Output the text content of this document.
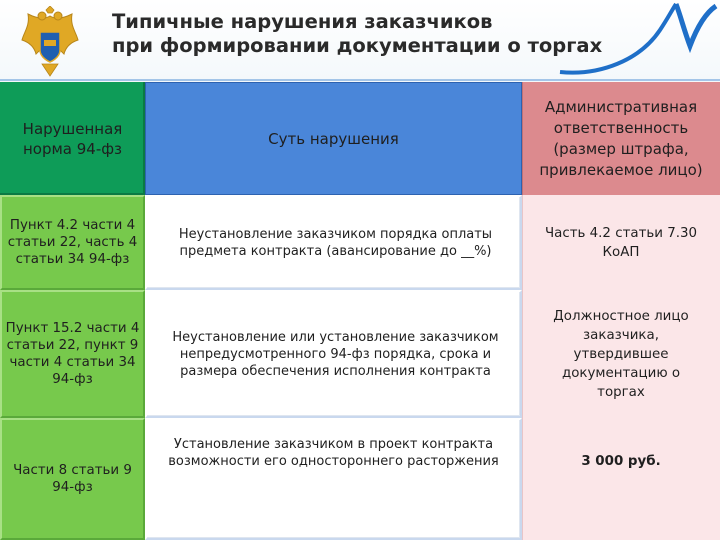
Типичные нарушения заказчиков
при формировании документации о торгах
Нарушенная норма 94-фз
Суть нарушения
Административная ответственность (размер штрафа, привлекаемое лицо)
Пункт 4.2 части 4 статьи 22, часть 4 статьи 34 94-фз
Неустановление заказчиком порядка оплаты предмета контракта (авансирование до __%)
Часть 4.2 статьи 7.30 КоАП
Пункт 15.2 части 4 статьи 22, пункт 9 части 4 статьи 34 94-фз
Неустановление или установление заказчиком непредусмотренного 94-фз порядка, срока и размера обеспечения исполнения контракта
Должностное лицо заказчика, утвердившее документацию о торгах
Части 8 статьи 9 94-фз
Установление заказчиком в проект контракта возможности его одностороннего расторжения	3 000 руб.
